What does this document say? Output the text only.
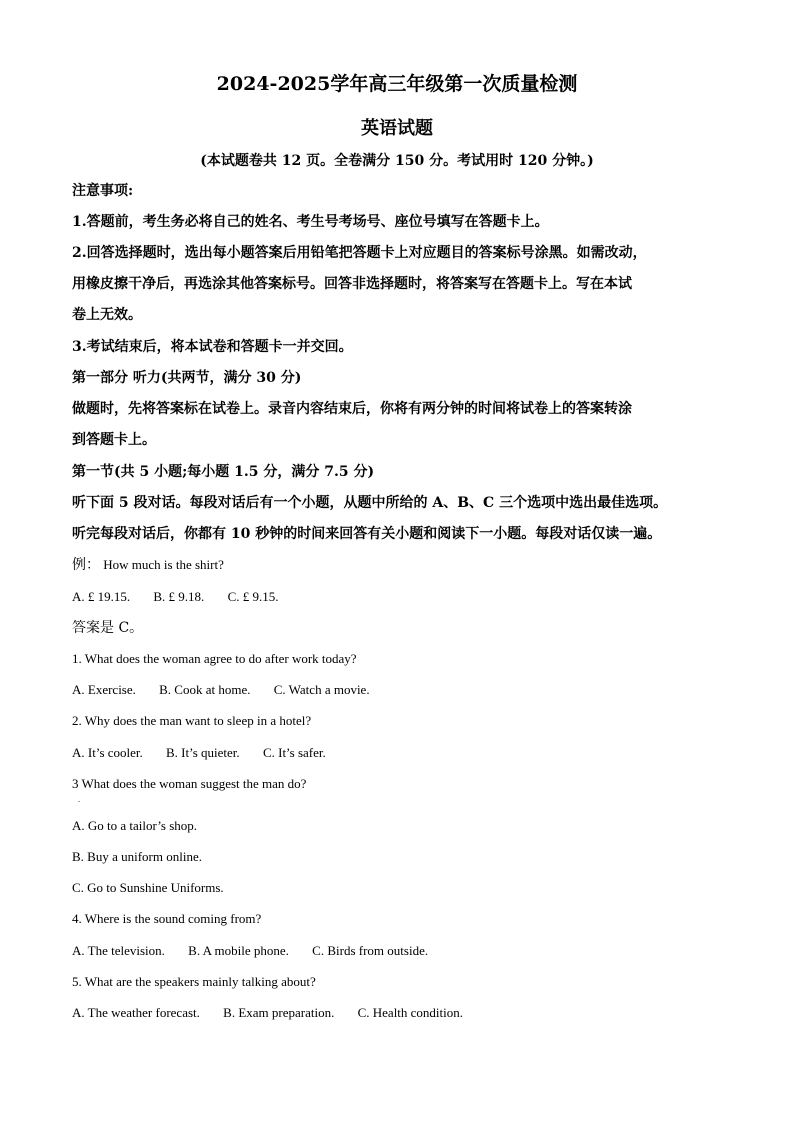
2024-2025学年高三年级第一次质量检测
英语试题
(本试题卷共 12 页。全卷满分 150 分。考试用时 120 分钟。)
注意事项:
1.答题前，考生务必将自己的姓名、考生号考场号、座位号填写在答题卡上。
2.回答选择题时，选出每小题答案后用铅笔把答题卡上对应题目的答案标号涂黑。如需改动，
用橡皮擦干净后，再选涂其他答案标号。回答非选择题时，将答案写在答题卡上。写在本试
卷上无效。
3.考试结束后，将本试卷和答题卡一并交回。
第一部分 听力(共两节，满分 30 分)
做题时，先将答案标在试卷上。录音内容结束后，你将有两分钟的时间将试卷上的答案转涂
到答题卡上。
第一节(共 5 小题;每小题 1.5 分，满分 7.5 分)
听下面 5 段对话。每段对话后有一个小题，从题中所给的 A、B、C 三个选项中选出最佳选项。
听完每段对话后，你都有 10 秒钟的时间来回答有关小题和阅读下一小题。每段对话仅读一遍。
例： How much is the shirt?
A. £ 19.15. B. £ 9.18. C. £ 9.15.
答案是 C。
1. What does the woman agree to do after work today?
A. Exercise. B. Cook at home. C. Watch a movie.
2. Why does the man want to sleep in a hotel?
A. It’s cooler. B. It’s quieter. C. It’s safer.
3 What does the woman suggest the man do?
.
A. Go to a tailor’s shop.
B. Buy a uniform online.
C. Go to Sunshine Uniforms.
4. Where is the sound coming from?
A. The television. B. A mobile phone. C. Birds from outside.
5. What are the speakers mainly talking about?
A. The weather forecast. B. Exam preparation. C. Health condition.
